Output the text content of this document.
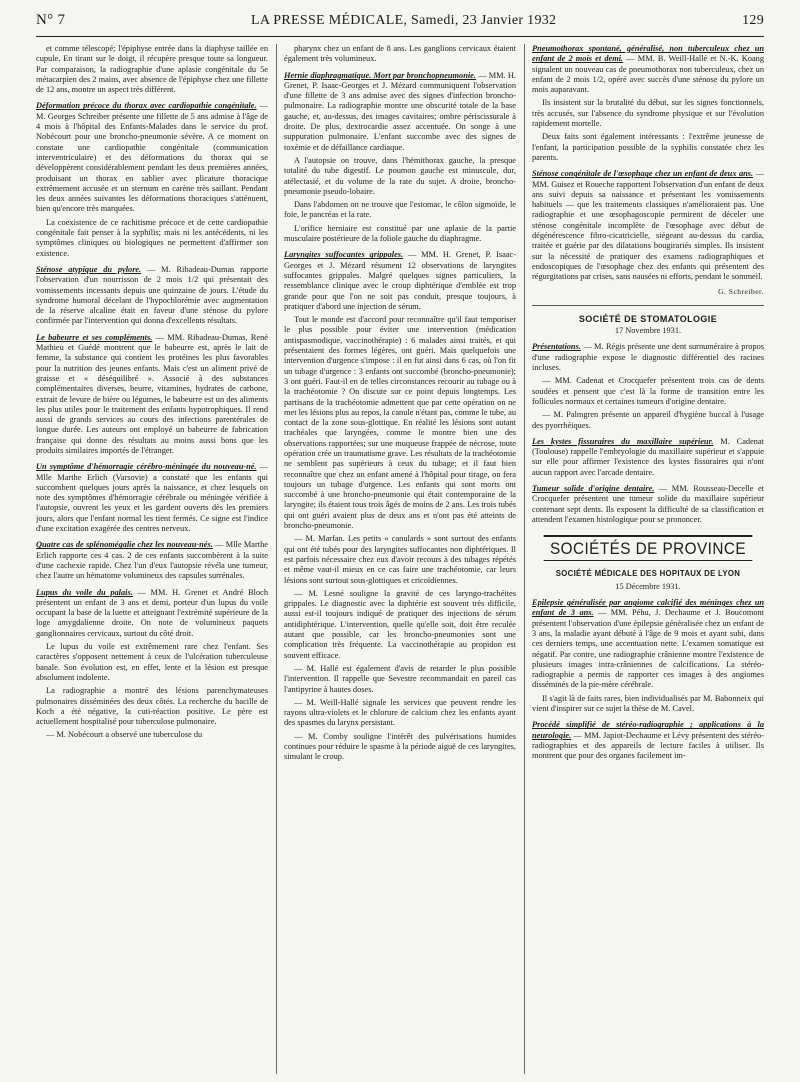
N° 7	LA PRESSE MÉDICALE, Samedi, 23 Janvier 1932	129

et comme télescopé; l'épiphyse entrée dans la diaphyse taillée en cupule. En tirant sur le doigt, il récupère presque toute sa longueur. Par comparaison, la radiographie d'une aplasie congénitale du 5e métacarpien des 2 mains, avec absence de l'épiphyse chez une fillette de 12 ans, montre un aspect très différent.

Déformation précoce du thorax avec cardiopathie congénitale. — M. Georges Schreiber présente une fillette de 5 ans admise à l'âge de 4 mois à l'hôpital des Enfants-Malades dans le service du prof. Nobécourt pour une broncho-pneumonie sévère. A ce moment on constate une cardiopathie congénitale (communication interventriculaire) et des déformations du thorax qui se développèrent considérablement pendant les deux premières années, produisant un thorax en sablier avec plicature thoracique extrêmement accusée et un sternum en carène très saillant. Pendant les deux années suivantes les déformations thoraciques s'atténuent, bien qu'encore très marquées.

La coexistence de ce rachitisme précoce et de cette cardiopathie congénitale fait penser à la syphilis; mais ni les antécédents, ni les symptômes cliniques ou biologiques ne permettent d'affirmer son existence.

Sténose atypique du pylore. — M. Ribadeau-Dumas rapporte l'observation d'un nourrisson de 2 mois 1/2 qui présentait des vomissements incessants depuis une quinzaine de jours. L'étude du syndrome humoral décelant de l'hypochlorémie avec augmentation de la réserve alcaline était en faveur d'une sténose du pylore confirmée par l'intervention qui donna d'excellents résultats.

Le babeurre et ses compléments. — MM. Ribadeau-Dumas, René Mathieu et Guédé montrent que le babeurre est, après le lait de femme, la substance qui contient les protéines les plus favorables pour la nutrition des jeunes enfants. Mais c'est un aliment privé de graisse et « déséquilibré ». Associé à des substances complémentaires diverses, beurre, vitamines, hydrates de carbone, extrait de levure de bière ou légumes, le babeurre est un des aliments les plus utiles pour le traitement des enfants hypotrophiques. Il rend aussi de grands services au cours des infections parentérales de longue durée. Les auteurs ont employé un babeurre de fabrication française qui donne des résultats au moins aussi bons que les produits similaires importés de l'étranger.

Un symptôme d'hémorragie cérébro-méningée du nouveau-né. — Mlle Marthe Erlich (Varsovie) a constaté que les enfants qui succombent quelques jours après la naissance, et chez lesquels on note des symptômes d'hémorragie cérébrale ou méningée vérifiée à l'autopsie, ouvrent les yeux et les gardent ouverts dès les premiers jours, alors que l'enfant normal les tient fermés. Ce signe est l'indice d'une excitation exagérée des centres nerveux.

Quatre cas de splénomégalie chez les nouveau-nés. — Mlle Marthe Erlich rapporte ces 4 cas. 2 de ces enfants succombèrent à la suite d'une cachexie rapide. Chez l'un d'eux l'autopsie révéla une tumeur, chez l'autre un hématome volumineux des capsules surrénales.

Lupus du voile du palais. — MM. H. Grenet et André Bloch présentent un enfant de 3 ans et demi, porteur d'un lupus du voile occupant la base de la luette et atteignant l'extrémité supérieure de la loge amygdalienne droite. On note de volumineux paquets ganglionnaires cervicaux, surtout du côté droit.

Le lupus du voile est extrêmement rare chez l'enfant. Ses caractères s'opposent nettement à ceux de l'ulcération tuberculeuse banale. Son évolution est, en effet, lente et la lésion est presque absolument indolente.

La radiographie a montré des lésions parenchymateuses pulmonaires disséminées des deux côtés. La recherche du bacille de Koch a été négative, la cuti-réaction positive. Le père est actuellement hospitalisé pour tuberculose pulmonaire.

— M. Nobécourt a observé une tuberculose du

pharynx chez un enfant de 8 ans. Les ganglions cervicaux étaient également très volumineux.

Hernie diaphragmatique. Mort par bronchopneumonie. — MM. H. Grenet, P. Isaac-Georges et J. Mézard communiquent l'observation d'une fillette de 3 ans admise avec des signes d'infection broncho-pulmonaire. La radiographie montre une obscurité totale de la base gauche, et, au-dessus, des images cavitaires; ombre périscissurale à droite. De plus, dextrocardie assez accentuée. On songe à une suppuration pulmonaire. L'enfant succombe avec des signes de toxémie et de défaillance cardiaque.

A l'autopsie on trouve, dans l'hémithorax gauche, la presque totalité du tube digestif. Le poumon gauche est minuscule, dur, atélectasié, et du volume de la rate du sujet. A droite, broncho-pneumonie pseudo-lobaire.

Dans l'abdomen on ne trouve que l'estomac, le côlon sigmoïde, le foie, le pancréas et la rate.

L'orifice herniaire est constitué par une aplasie de la partie musculaire postérieure de la foliole gauche du diaphragme.

Laryngites suffocantes grippales. — MM. H. Grenet, P. Isaac-Georges et J. Mézard résument 12 observations de laryngites suffocantes grippales. Malgré quelques signes particuliers, la ressemblance clinique avec le croup diphtérique d'emblée est trop grande pour que l'on ne soit pas conduit, presque toujours, à pratiquer d'abord une injection de sérum.

Tout le monde est d'accord pour reconnaître qu'il faut temporiser le plus possible pour éviter une intervention (médication antispasmodique, vaccinothérapie) : 6 malades ainsi traités, et qui présentaient des formes légères, ont guéri. Mais quelquefois une intervention d'urgence s'impose : il en fut ainsi dans 6 cas, où l'on fit un tubage d'urgence : 3 enfants ont succombé (broncho-pneumonie); 3 ont guéri. Faut-il en de telles circonstances recourir au tubage ou à la trachéotomie ? On discute sur ce point depuis longtemps. Les partisans de la trachéotomie admettent que par cette opération on ne met les lésions plus au repos, la canule n'étant pas, comme le tube, au contact de la zone sous-glottique. En réalité les lésions sont autant trachéales que laryngées, comme le montre bien une des observations rapportées; sur une muqueuse frappée de nécrose, toute opération crée un traumatisme grave. Les résultats de la trachéotomie ne semblent pas supérieurs à ceux du tubage; et il faut bien reconnaître que chez un enfant amené à l'hôpital pour tirage, on fera toujours un tubage d'urgence. Les enfants qui sont morts ont succombé à une broncho-pneumonie qui était contemporaine de la laryngite; ils étaient tous trois âgés de moins de 2 ans. Les trois tubés qui ont guéri avaient plus de deux ans et n'ont pas été atteints de broncho-pneumonie.

— M. Marfan. Les petits « canulards » sont surtout des enfants qui ont été tubés pour des laryngites suffocantes non diphtériques. Il est parfois nécessaire chez eux d'avoir recours à des tubages répétés et même vaut-il mieux en ce cas faire une trachéotomie, car leurs lésions sont surtout sous-glottiques et cricoïdiennes.

— M. Lesné souligne la gravité de ces laryngo-trachéites grippales. Le diagnostic avec la diphtérie est souvent très difficile, aussi est-il toujours indiqué de pratiquer des injections de sérum antidiphtérique. L'intervention, quelle qu'elle soit, doit être reculée autant que possible, car les broncho-pneumonies sont une complication très fréquente. La vaccinothérapie au propidon est souvent efficace.

— M. Hallé est également d'avis de retarder le plus possible l'intervention. Il rappelle que Sevestre recommandait en pareil cas l'antipyrine à hautes doses.

— M. Weill-Hallé signale les services que peuvent rendre les rayons ultra-violets et le chlorure de calcium chez les enfants ayant des spasmes du larynx persistant.

— M. Comby souligne l'intérêt des pulvérisations humides continues pour réduire le spasme à la période aiguë de ces laryngites, simulant le croup.

Pneumothorax spontané, généralisé, non tuberculeux chez un enfant de 2 mois et demi. — MM. B. Weill-Hallé et N.-K. Koang signalent un nouveau cas de pneumothorax non tuberculeux, chez un enfant de 2 mois 1/2, opéré avec succès d'une sténose du pylore un mois auparavant.

Ils insistent sur la brutalité du début, sur les signes fonctionnels, très accusés, sur l'absence du syndrome physique et sur l'évolution rapidement mortelle.

Deux faits sont également intéressants : l'extrême jeunesse de l'enfant, la participation possible de la syphilis constatée chez les parents.

Sténose congénitale de l'œsophage chez un enfant de deux ans. — MM. Guisez et Roueche rapportent l'observation d'un enfant de deux ans suivi depuis sa naissance et présentant les vomissements habituels — que les traitements classiques n'amélioraient pas. Une radiographie et une œsophagoscopie permirent de déceler une sténose congénitale incomplète de l'œsophage avec début de dégénérescence fibro-cicatricielle, siégeant au-dessus du cardia, traitée et guérie par des dilatations bougirariés simples. Ils insistent sur la nécessité de pratiquer des examens radiographiques et endoscopiques de l'œsophage chez des enfants qui présentent des régurgitations par crises, sans nausées ni efforts, pendant le sommeil.

G. Schreiber.

SOCIÉTÉ DE STOMATOLOGIE
17 Novembre 1931.

Présentations. — M. Régis présente une dent surnuméraire à propos d'une radiographie expose le diagnostic différentiel des racines incluses.

— MM. Cadenat et Crocquefer présentent trois cas de dents soudées et pensent que c'est là la forme de transition entre les follicules normaux et certaines tumeurs d'origine dentaire.

— M. Palmgren présente un appareil d'hygiène buccal à l'usage des pyorrhéiques.

Les kystes fissuraires du maxillaire supérieur. M. Cadenat (Toulouse) rappelle l'embryologie du maxillaire supérieur et s'appuie sur elle pour affirmer l'existence des kystes fissuraires qui n'ont aucun rapport avec l'arcade dentaire.

Tumeur solide d'origine dentaire. — MM. Rousseau-Decelle et Crocquefer présentent une tumeur solide du maxillaire supérieur contenant sept dents. Ils exposent la difficulté de sa classification et attendent l'examen histologique pour se prononcer.

SOCIÉTÉS DE PROVINCE
SOCIÉTÉ MÉDICALE DES HOPITAUX DE LYON
15 Décembre 1931.

Epilepsie généralisée par angiome calcifié des méninges chez un enfant de 3 ans. — MM. Péhu, J. Dechaume et J. Boucomont présentent l'observation d'une épilepsie généralisée chez un enfant de 3 ans, la maladie ayant débuté à l'âge de 9 mois et ayant subi, dans ces derniers temps, une accentuation nette. L'examen somatique est négatif. Par contre, une radiographie crânienne montre l'existence de plusieurs images intra-crâniennes de calcifications. La stéréo-radiographie a permis de rapporter ces images à des angiomes disséminés de la pie-mère cérébrale.

Il s'agit là de faits rares, bien individualisés par M. Babonneix qui vient d'inspirer sur ce sujet la thèse de M. Cavel.

Procédé simplifié de stéréo-radiographie ; applications à la neurologie. — MM. Japiot-Dechaume et Lévy présentent des stéréo-radiographies et des appareils de lecture faciles à utiliser. Ils montrent que pour des organes facilement im-
